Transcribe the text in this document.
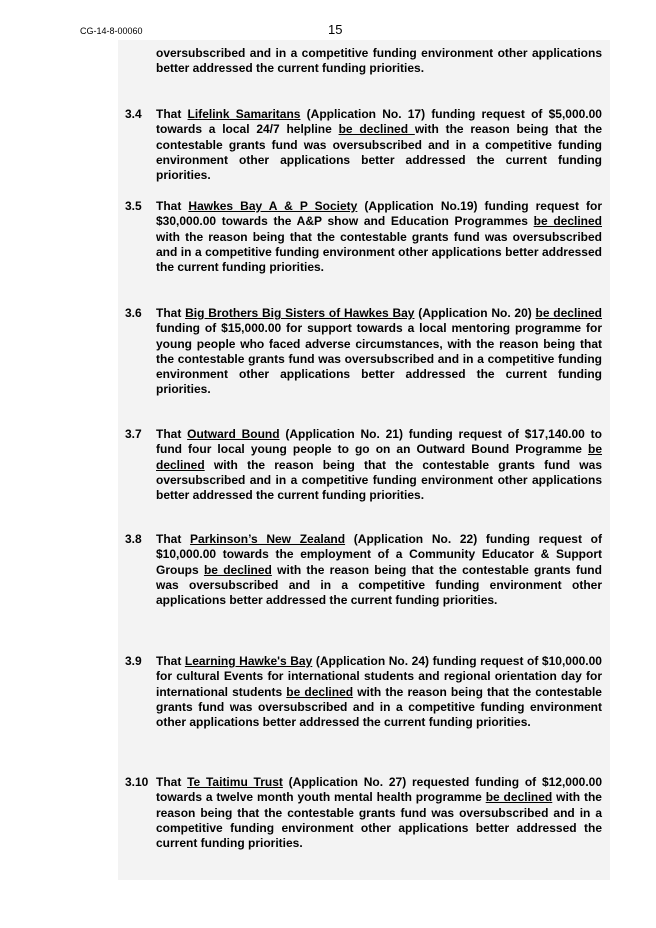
CG-14-8-00060	15
oversubscribed and in a competitive funding environment other applications better addressed the current funding priorities.
3.4 That Lifelink Samaritans (Application No. 17) funding request of $5,000.00 towards a local 24/7 helpline be declined with the reason being that the contestable grants fund was oversubscribed and in a competitive funding environment other applications better addressed the current funding priorities.
3.5 That Hawkes Bay A & P Society (Application No.19) funding request for $30,000.00 towards the A&P show and Education Programmes be declined with the reason being that the contestable grants fund was oversubscribed and in a competitive funding environment other applications better addressed the current funding priorities.
3.6 That Big Brothers Big Sisters of Hawkes Bay (Application No. 20) be declined funding of $15,000.00 for support towards a local mentoring programme for young people who faced adverse circumstances, with the reason being that the contestable grants fund was oversubscribed and in a competitive funding environment other applications better addressed the current funding priorities.
3.7 That Outward Bound (Application No. 21) funding request of $17,140.00 to fund four local young people to go on an Outward Bound Programme be declined with the reason being that the contestable grants fund was oversubscribed and in a competitive funding environment other applications better addressed the current funding priorities.
3.8 That Parkinson’s New Zealand (Application No. 22) funding request of $10,000.00 towards the employment of a Community Educator & Support Groups be declined with the reason being that the contestable grants fund was oversubscribed and in a competitive funding environment other applications better addressed the current funding priorities.
3.9 That Learning Hawke's Bay (Application No. 24) funding request of $10,000.00 for cultural Events for international students and regional orientation day for international students be declined with the reason being that the contestable grants fund was oversubscribed and in a competitive funding environment other applications better addressed the current funding priorities.
3.10 That Te Taitimu Trust (Application No. 27) requested funding of $12,000.00 towards a twelve month youth mental health programme be declined with the reason being that the contestable grants fund was oversubscribed and in a competitive funding environment other applications better addressed the current funding priorities.
